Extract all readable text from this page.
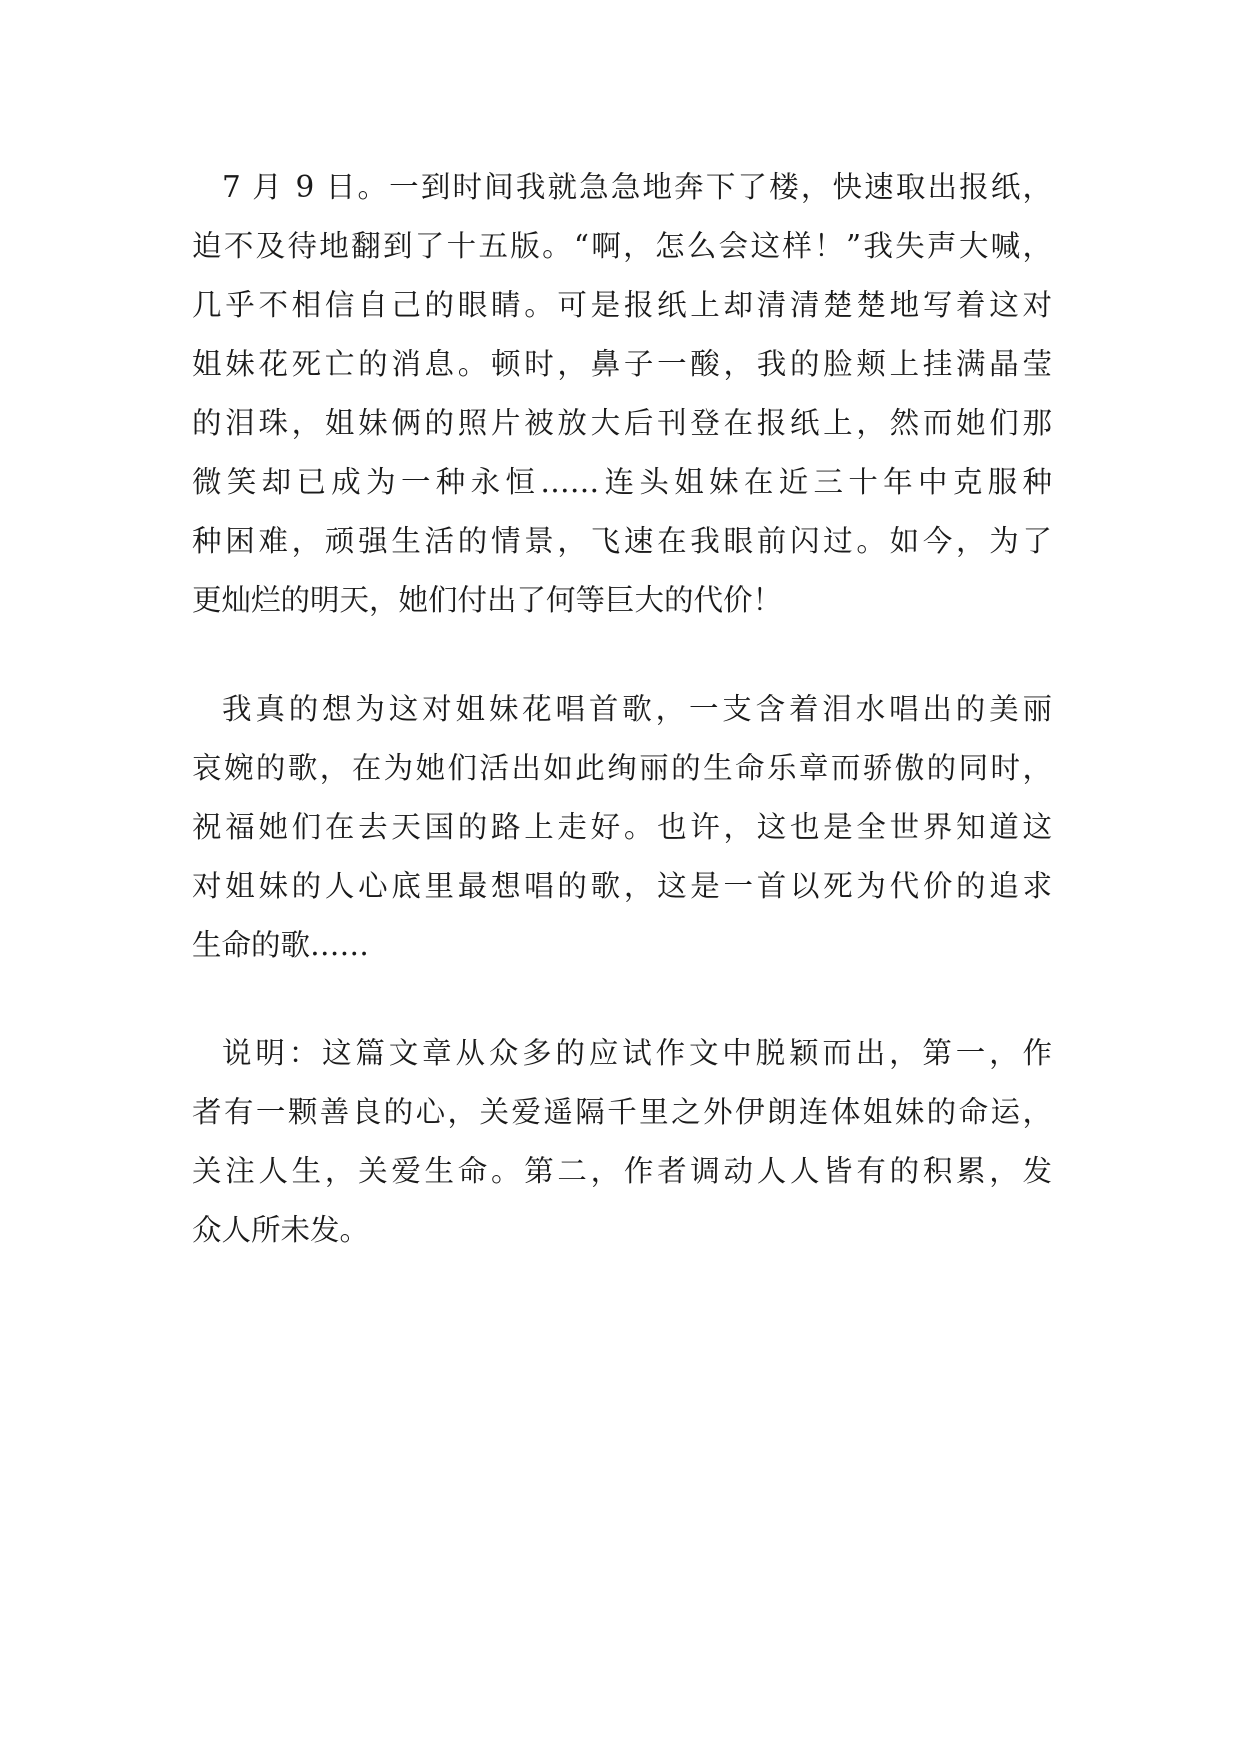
7 月 9 日。一到时间我就急急地奔下了楼，快速取出报纸，
迫不及待地翻到了十五版。“啊，怎么会这样！”我失声大喊，
几乎不相信自己的眼睛。可是报纸上却清清楚楚地写着这对
姐妹花死亡的消息。顿时，鼻子一酸，我的脸颊上挂满晶莹
的泪珠，姐妹俩的照片被放大后刊登在报纸上，然而她们那
微笑却已成为一种永恒……连头姐妹在近三十年中克服种
种困难，顽强生活的情景，飞速在我眼前闪过。如今，为了
更灿烂的明天，她们付出了何等巨大的代价！
我真的想为这对姐妹花唱首歌，一支含着泪水唱出的美丽
哀婉的歌，在为她们活出如此绚丽的生命乐章而骄傲的同时，
祝福她们在去天国的路上走好。也许，这也是全世界知道这
对姐妹的人心底里最想唱的歌，这是一首以死为代价的追求
生命的歌……
说明：这篇文章从众多的应试作文中脱颖而出，第一，作
者有一颗善良的心，关爱遥隔千里之外伊朗连体姐妹的命运，
关注人生，关爱生命。第二，作者调动人人皆有的积累，发
众人所未发。
